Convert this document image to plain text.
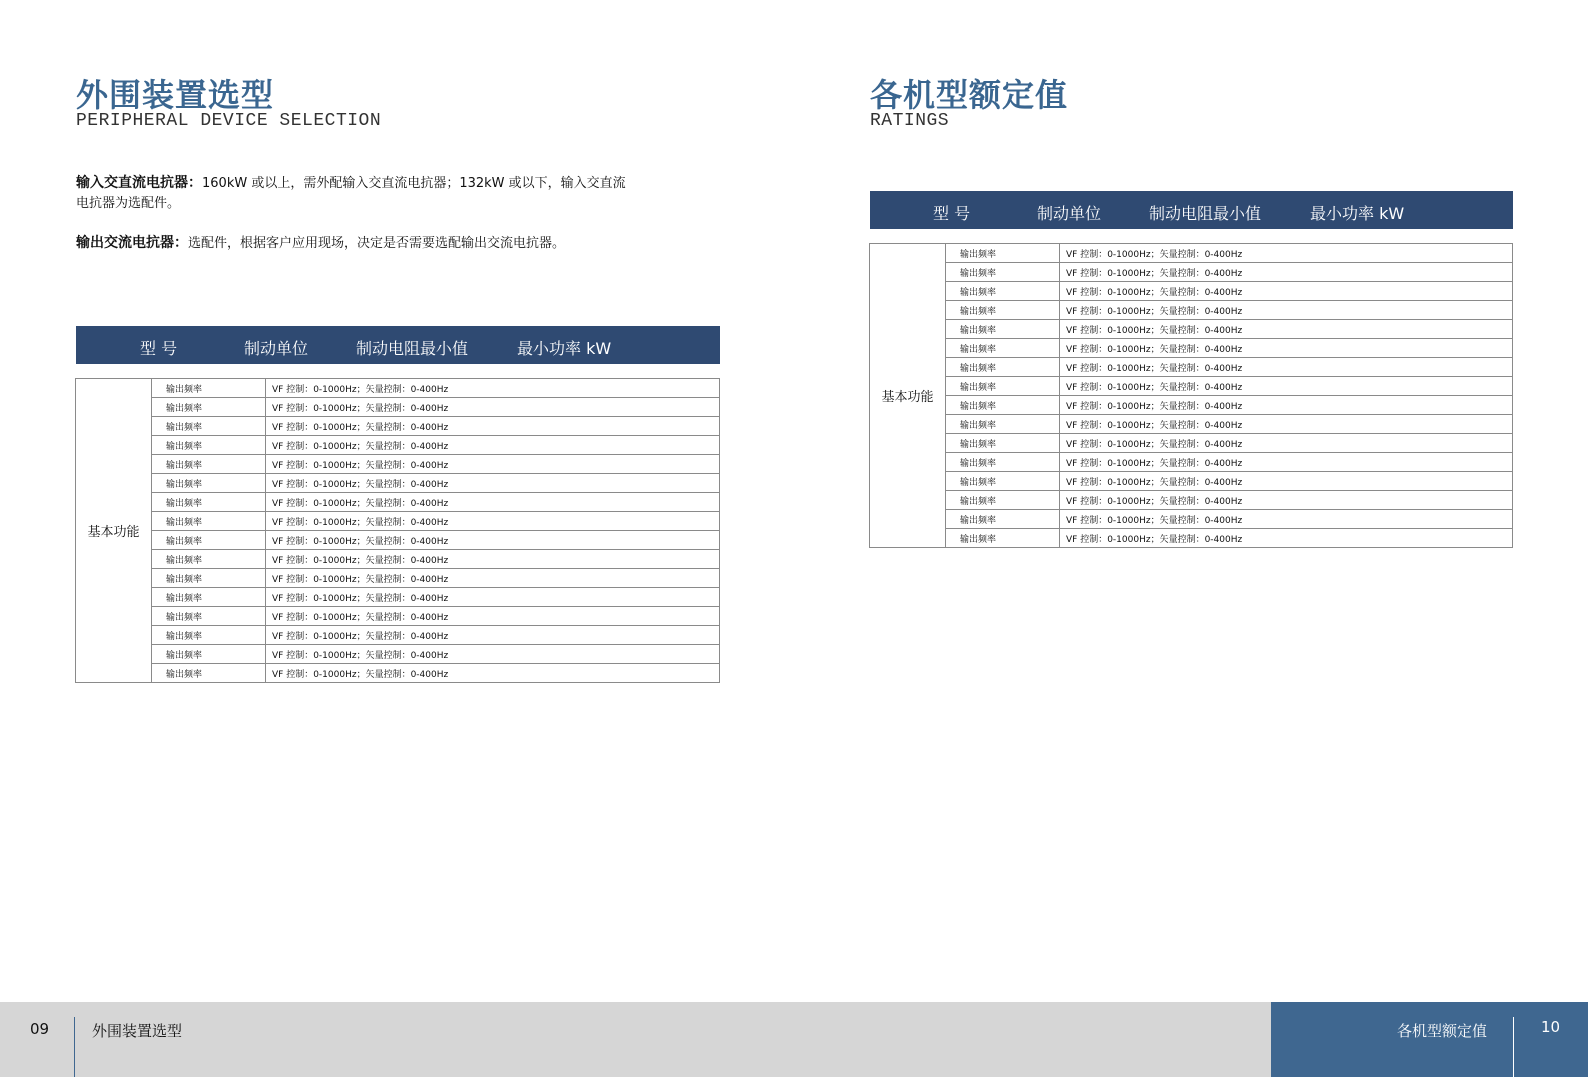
外围装置选型
PERIPHERAL DEVICE SELECTION
输入交直流电抗器：160kW 或以上，需外配输入交直流电抗器；132kW 或以下，输入交直流电抗器为选配件。
输出交流电抗器：选配件，根据客户应用现场，决定是否需要选配输出交流电抗器。
型 号	制动单位	制动电阻最小值	最小功率 kW
基本功能	输出频率	VF 控制：0-1000Hz；矢量控制：0-400Hz
	输出频率	VF 控制：0-1000Hz；矢量控制：0-400Hz
	输出频率	VF 控制：0-1000Hz；矢量控制：0-400Hz
	输出频率	VF 控制：0-1000Hz；矢量控制：0-400Hz
	输出频率	VF 控制：0-1000Hz；矢量控制：0-400Hz
	输出频率	VF 控制：0-1000Hz；矢量控制：0-400Hz
	输出频率	VF 控制：0-1000Hz；矢量控制：0-400Hz
	输出频率	VF 控制：0-1000Hz；矢量控制：0-400Hz
	输出频率	VF 控制：0-1000Hz；矢量控制：0-400Hz
	输出频率	VF 控制：0-1000Hz；矢量控制：0-400Hz
	输出频率	VF 控制：0-1000Hz；矢量控制：0-400Hz
	输出频率	VF 控制：0-1000Hz；矢量控制：0-400Hz
	输出频率	VF 控制：0-1000Hz；矢量控制：0-400Hz
	输出频率	VF 控制：0-1000Hz；矢量控制：0-400Hz
	输出频率	VF 控制：0-1000Hz；矢量控制：0-400Hz
	输出频率	VF 控制：0-1000Hz；矢量控制：0-400Hz
各机型额定值
RATINGS
型 号	制动单位	制动电阻最小值	最小功率 kW
基本功能	输出频率	VF 控制：0-1000Hz；矢量控制：0-400Hz
	输出频率	VF 控制：0-1000Hz；矢量控制：0-400Hz
	输出频率	VF 控制：0-1000Hz；矢量控制：0-400Hz
	输出频率	VF 控制：0-1000Hz；矢量控制：0-400Hz
	输出频率	VF 控制：0-1000Hz；矢量控制：0-400Hz
	输出频率	VF 控制：0-1000Hz；矢量控制：0-400Hz
	输出频率	VF 控制：0-1000Hz；矢量控制：0-400Hz
	输出频率	VF 控制：0-1000Hz；矢量控制：0-400Hz
	输出频率	VF 控制：0-1000Hz；矢量控制：0-400Hz
	输出频率	VF 控制：0-1000Hz；矢量控制：0-400Hz
	输出频率	VF 控制：0-1000Hz；矢量控制：0-400Hz
	输出频率	VF 控制：0-1000Hz；矢量控制：0-400Hz
	输出频率	VF 控制：0-1000Hz；矢量控制：0-400Hz
	输出频率	VF 控制：0-1000Hz；矢量控制：0-400Hz
	输出频率	VF 控制：0-1000Hz；矢量控制：0-400Hz
	输出频率	VF 控制：0-1000Hz；矢量控制：0-400Hz
09	外围装置选型	各机型额定值	10
